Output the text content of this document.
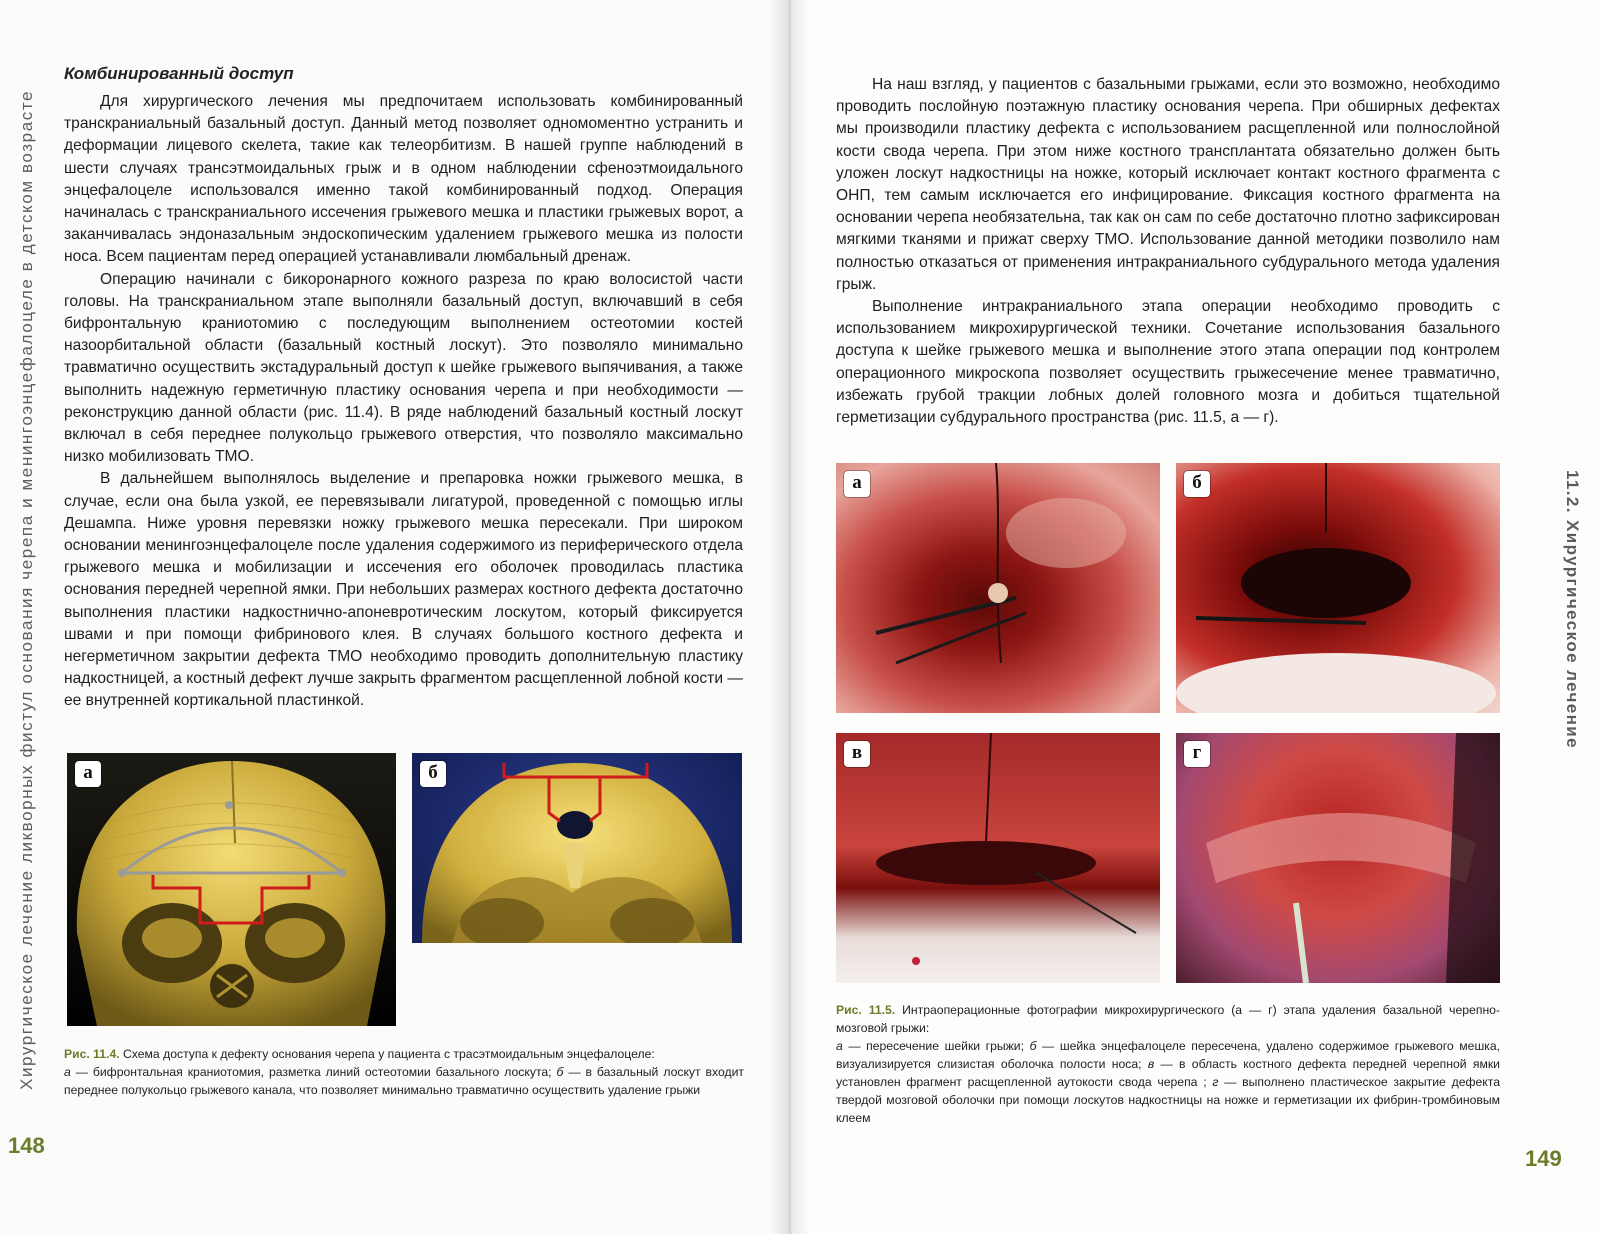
Хирургическое лечение ликворных фистул основания черепа и менингоэнцефалоцеле в детском возрасте
148
Комбинированный доступ

Для хирургического лечения мы предпочитаем использовать комбинированный транскраниальный базальный доступ. Данный метод позволяет одномоментно устранить и деформации лицевого скелета, такие как телеорбитизм. В нашей группе наблюдений в шести случаях трансэтмоидальных грыж и в одном наблюдении сфеноэтмоидального энцефалоцеле использовался именно такой комбинированный подход. Операция начиналась с транскраниального иссечения грыжевого мешка и пластики грыжевых ворот, а заканчивалась эндоназальным эндоскопическим удалением грыжевого мешка из полости носа. Всем пациентам перед операцией устанавливали люмбальный дренаж.

Операцию начинали с бикоронарного кожного разреза по краю волосистой части головы. На транскраниальном этапе выполняли базальный доступ, включавший в себя бифронтальную краниотомию с последующим выполнением остеотомии костей назоорбитальной области (базальный костный лоскут). Это позволяло минимально травматично осуществить экстадуральный доступ к шейке грыжевого выпячивания, а также выполнить надежную герметичную пластику основания черепа и при необходимости — реконструкцию данной области (рис. 11.4). В ряде наблюдений базальный костный лоскут включал в себя переднее полукольцо грыжевого отверстия, что позволяло максимально низко мобилизовать ТМО.

В дальнейшем выполнялось выделение и препаровка ножки грыжевого мешка, в случае, если она была узкой, ее перевязывали лигатурой, проведенной с помощью иглы Дешампа. Ниже уровня перевязки ножку грыжевого мешка пересекали. При широком основании менингоэнцефалоцеле после удаления содержимого из периферического отдела грыжевого мешка и мобилизации и иссечения его оболочек проводилась пластика основания передней черепной ямки. При небольших размерах костного дефекта достаточно выполнения пластики надкостнично-апоневротическим лоскутом, который фиксируется швами и при помощи фибринового клея. В случаях большого костного дефекта и негерметичном закрытии дефекта ТМО необходимо проводить дополнительную пластику надкостницей, а костный дефект лучше закрыть фрагментом расщепленной лобной кости — ее внутренней кортикальной пластинкой.

а	б
Рис. 11.4. Схема доступа к дефекту основания черепа у пациента с трасэтмоидальным энцефалоцеле:
а — бифронтальная краниотомия, разметка линий остеотомии базального лоскута; б — в базальный лоскут входит переднее полукольцо грыжевого канала, что позволяет минимально травматично осуществить удаление грыжи
11.2. Хирургическое лечение
149

На наш взгляд, у пациентов с базальными грыжами, если это возможно, необходимо проводить послойную поэтажную пластику основания черепа. При обширных дефектах мы производили пластику дефекта с использованием расщепленной или полнослойной кости свода черепа. При этом ниже костного трансплантата обязательно должен быть уложен лоскут надкостницы на ножке, который исключает контакт костного фрагмента с ОНП, тем самым исключается его инфицирование. Фиксация костного фрагмента на основании черепа необязательна, так как он сам по себе достаточно плотно зафиксирован мягкими тканями и прижат сверху ТМО. Использование данной методики позволило нам полностью отказаться от применения интракраниального субдурального метода удаления грыж.

Выполнение интракраниального этапа операции необходимо проводить с использованием микрохирургической техники. Сочетание использования базального доступа к шейке грыжевого мешка и выполнение этого этапа операции под контролем операционного микроскопа позволяет осуществить грыжесечение менее травматично, избежать грубой тракции лобных долей головного мозга и добиться тщательной герметизации субдурального пространства (рис. 11.5, а — г).

а	б
в	г
Рис. 11.5. Интраоперационные фотографии микрохирургического (а — г) этапа удаления базальной черепно-мозговой грыжи:
а — пересечение шейки грыжи; б — шейка энцефалоцеле пересечена, удалено содержимое грыжевого мешка, визуализируется слизистая оболочка полости носа; в — в область костного дефекта передней черепной ямки установлен фрагмент расщепленной аутокости свода черепа ; г — выполнено пластическое закрытие дефекта твердой мозговой оболочки при помощи лоскутов надкостницы на ножке и герметизации их фибрин-тромбиновым клеем
